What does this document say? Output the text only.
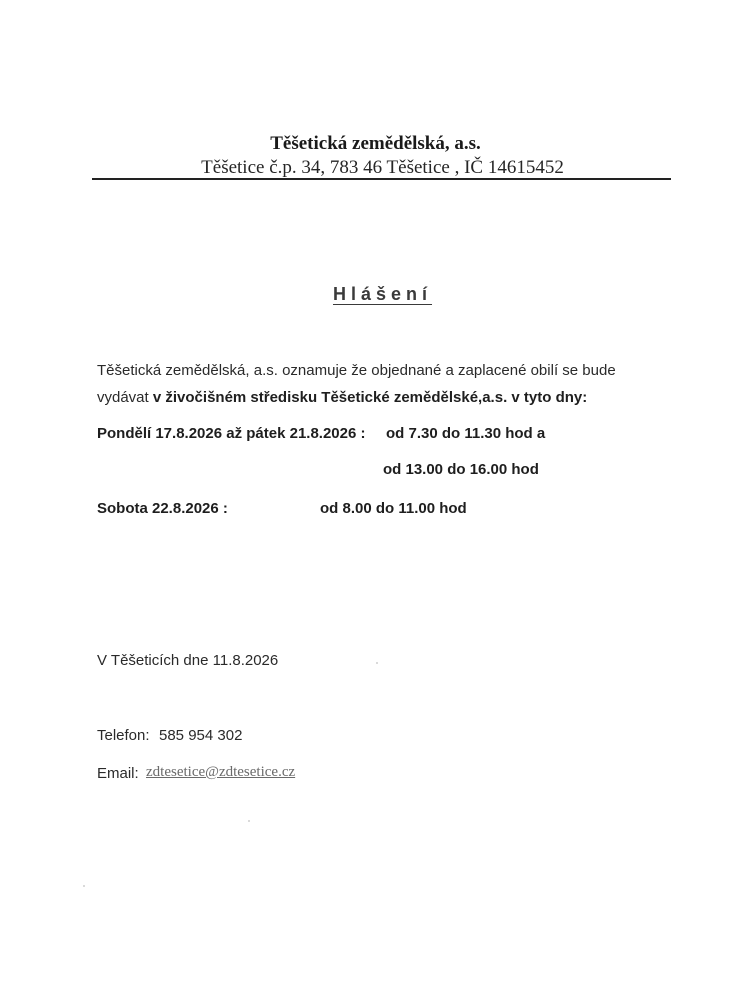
Těšetická zemědělská, a.s.
Těšetice č.p. 34, 783 46 Těšetice , IČ 14615452
Hlášení
Těšetická zemědělská, a.s. oznamuje že objednané a zaplacené obilí se bude
vydávat v živočišném středisku Těšetické zemědělské,a.s. v tyto dny:
Pondělí 17.8.2026 až pátek 21.8.2026 : od 7.30 do 11.30 hod a
od 13.00 do 16.00 hod
Sobota 22.8.2026 :	od 8.00 do 11.00 hod
V Těšeticích dne 11.8.2026
Telefon: 585 954 302
Email: zdtesetice@zdtesetice.cz
